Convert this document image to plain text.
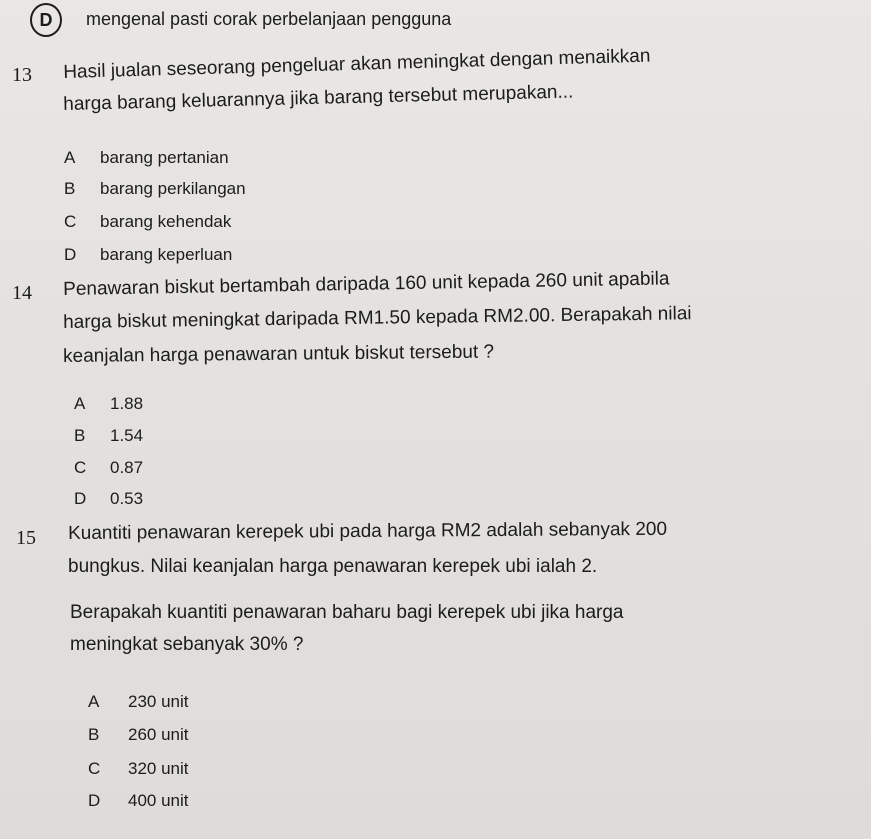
D	mengenal pasti corak perbelanjaan pengguna
13 Hasil jualan seseorang pengeluar akan meningkat dengan menaikkan
harga barang keluarannya jika barang tersebut merupakan...
A barang pertanian
B barang perkilangan
C barang kehendak
D barang keperluan
14 Penawaran biskut bertambah daripada 160 unit kepada 260 unit apabila
harga biskut meningkat daripada RM1.50 kepada RM2.00. Berapakah nilai
keanjalan harga penawaran untuk biskut tersebut ?
A 1.88
B 1.54
C 0.87
D 0.53
15 Kuantiti penawaran kerepek ubi pada harga RM2 adalah sebanyak 200
bungkus. Nilai keanjalan harga penawaran kerepek ubi ialah 2.
Berapakah kuantiti penawaran baharu bagi kerepek ubi jika harga
meningkat sebanyak 30% ?
A 230 unit
B 260 unit
C 320 unit
D 400 unit
